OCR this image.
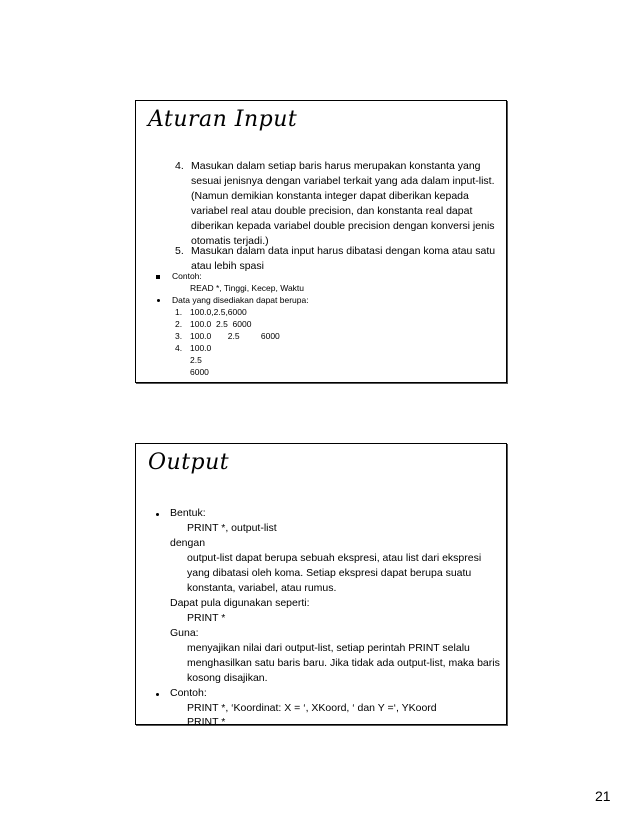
Aturan Input
4. Masukan dalam setiap baris harus merupakan konstanta yang sesuai jenisnya dengan variabel terkait yang ada dalam input-list. (Namun demikian konstanta integer dapat diberikan kepada variabel real atau double precision, dan konstanta real dapat diberikan kepada variabel double precision dengan konversi jenis otomatis terjadi.)
5. Masukan dalam data input harus dibatasi dengan koma atau satu atau lebih spasi
Contoh:
READ *, Tinggi, Kecep, Waktu
Data yang disediakan dapat berupa:
1. 100.0,2.5,6000
2. 100.0  2.5  6000
3. 100.0       2.5         6000
4. 100.0
2.5
6000
Output
Bentuk:
PRINT *, output-list
dengan
output-list dapat berupa sebuah ekspresi, atau list dari ekspresi yang dibatasi oleh koma. Setiap ekspresi dapat berupa suatu konstanta, variabel, atau rumus.
Dapat pula digunakan seperti:
PRINT *
Guna:
menyajikan nilai dari output-list, setiap perintah PRINT selalu menghasilkan satu baris baru. Jika tidak ada output-list, maka baris kosong disajikan.
Contoh:
PRINT *, ‘Koordinat: X = ‘, XKoord, ‘ dan Y =‘, YKoord
PRINT *
21
